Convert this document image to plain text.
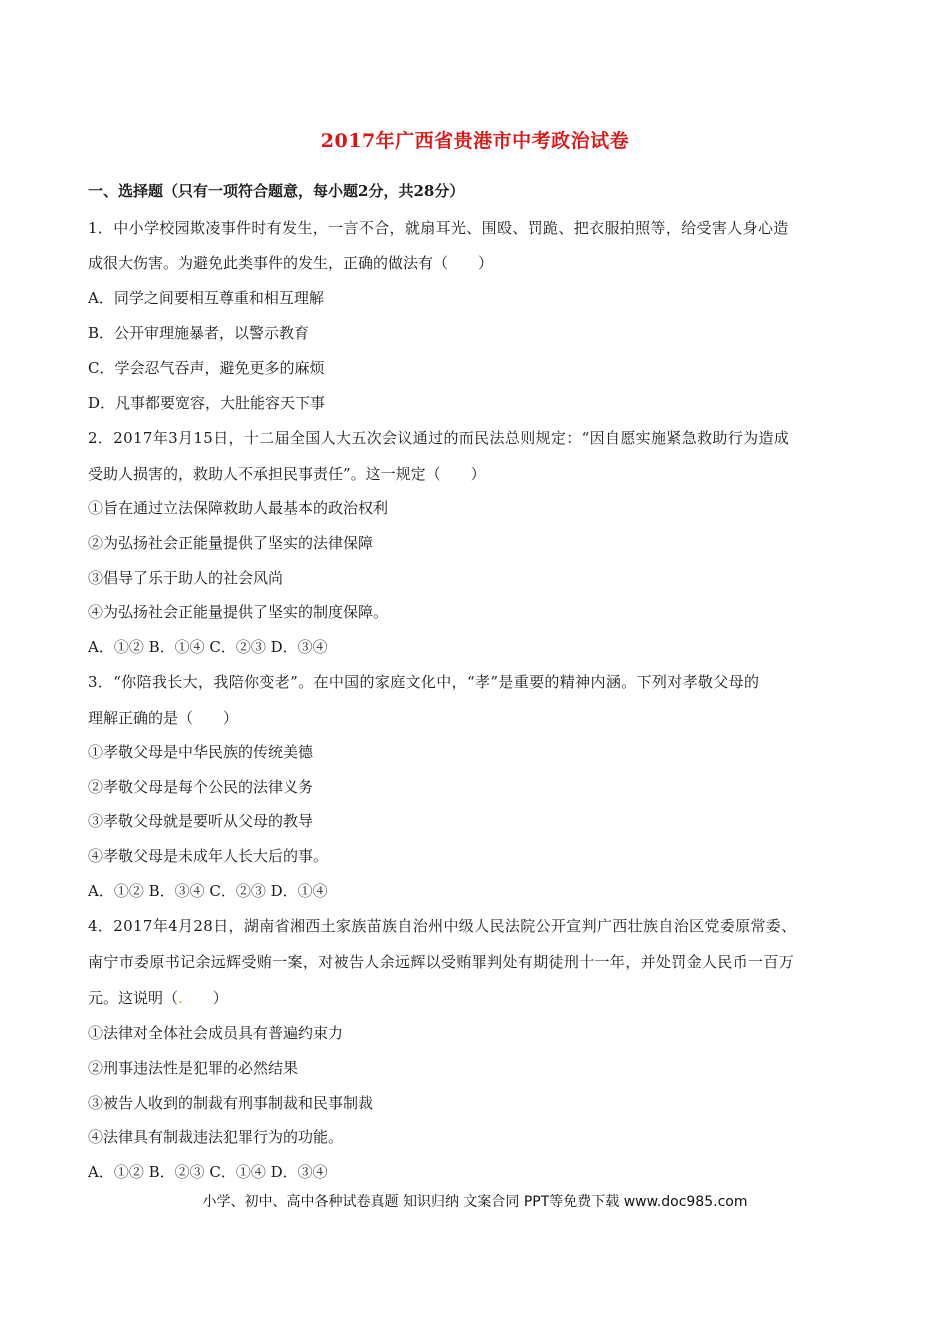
2017年广西省贵港市中考政治试卷
一、选择题（只有一项符合题意，每小题2分，共28分）
1．中小学校园欺凌事件时有发生，一言不合，就扇耳光、围殴、罚跪、把衣服拍照等，给受害人身心造
成很大伤害。为避免此类事件的发生，正确的做法有（　　）
A．同学之间要相互尊重和相互理解
B．公开审理施暴者，以警示教育
C．学会忍气吞声，避免更多的麻烦
D．凡事都要宽容，大肚能容天下事
2．2017年3月15日，十二届全国人大五次会议通过的而民法总则规定：“因自愿实施紧急救助行为造成
受助人损害的，救助人不承担民事责任”。这一规定（　　）
①旨在通过立法保障救助人最基本的政治权利
②为弘扬社会正能量提供了坚实的法律保障
③倡导了乐于助人的社会风尚
④为弘扬社会正能量提供了坚实的制度保障。
A．①② B．①④ C．②③ D．③④
3．“你陪我长大，我陪你变老”。在中国的家庭文化中，“孝”是重要的精神内涵。下列对孝敬父母的
理解正确的是（　　）
①孝敬父母是中华民族的传统美德
②孝敬父母是每个公民的法律义务
③孝敬父母就是要听从父母的教导
④孝敬父母是未成年人长大后的事。
A．①② B．③④ C．②③ D．①④
4．2017年4月28日，湖南省湘西土家族苗族自治州中级人民法院公开宣判广西壮族自治区党委原常委、
南宁市委原书记余远辉受贿一案，对被告人余远辉以受贿罪判处有期徒刑十一年，并处罚金人民币一百万
元。这说明（.　　）
①法律对全体社会成员具有普遍约束力
②刑事违法性是犯罪的必然结果
③被告人收到的制裁有刑事制裁和民事制裁
④法律具有制裁违法犯罪行为的功能。
A．①② B．②③ C．①④ D．③④
小学、初中、高中各种试卷真题 知识归纳 文案合同 PPT等免费下载 www.doc985.com
